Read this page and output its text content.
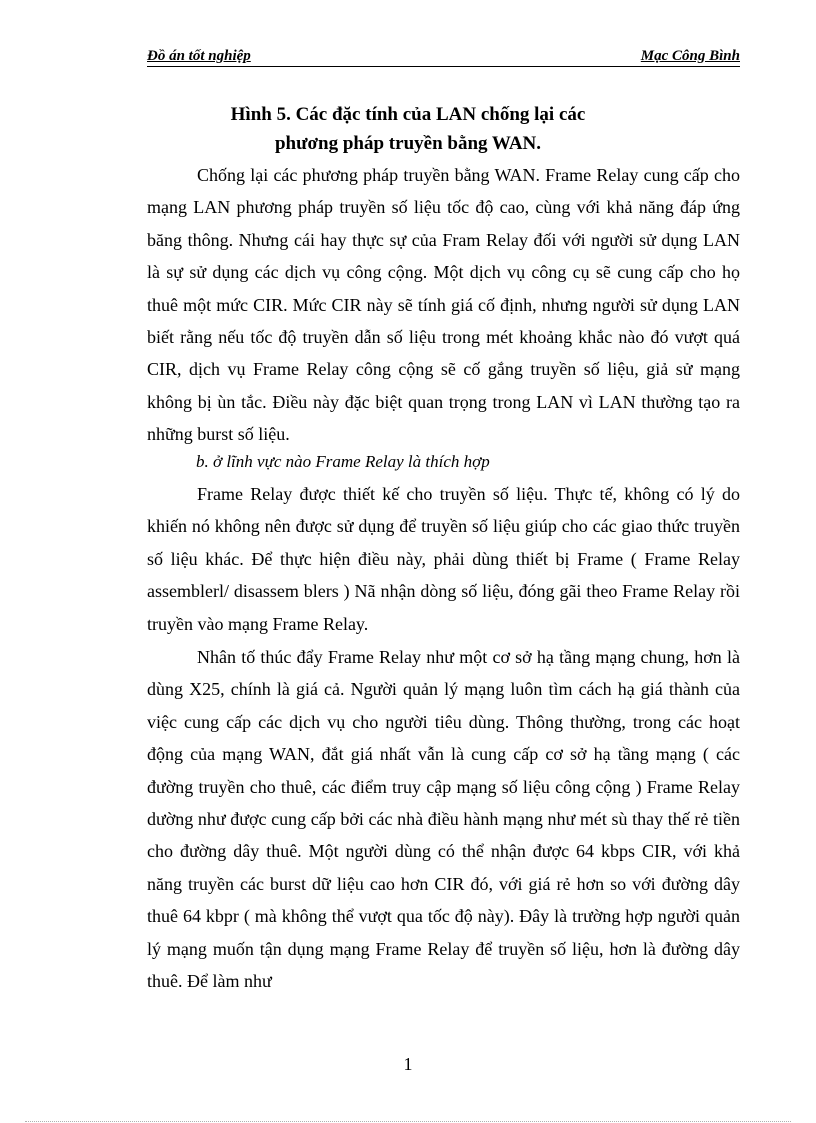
Đồ án tốt nghiệp	Mạc Công Bình
Hình 5. Các đặc tính của LAN chống lại các
phương pháp truyền bằng WAN.

Chống lại các phương pháp truyền bằng WAN. Frame Relay cung cấp cho mạng LAN phương pháp truyền số liệu tốc độ cao, cùng với khả năng đáp ứng băng thông. Nhưng cái hay thực sự của Fram Relay đối với người sử dụng LAN là sự sử dụng các dịch vụ công cộng. Một dịch vụ công cụ sẽ cung cấp cho họ thuê một mức CIR. Mức CIR này sẽ tính giá cố định, nhưng người sử dụng LAN biết rằng nếu tốc độ truyền dẫn số liệu trong mét khoảng khắc nào đó vượt quá CIR, dịch vụ Frame Relay công cộng sẽ cố gắng truyền số liệu, giả sử mạng không bị ùn tắc. Điều này đặc biệt quan trọng trong LAN vì LAN thường tạo ra những burst số liệu.

b. ở lĩnh vực nào Frame Relay là thích hợp

Frame Relay được thiết kế cho truyền số liệu. Thực tế, không có lý do khiến nó không nên được sử dụng để truyền số liệu giúp cho các giao thức truyền số liệu khác. Để thực hiện điều này, phải dùng thiết bị Frame ( Frame Relay assemblerl/ disassem blers ) Nã nhận dòng số liệu, đóng gãi theo Frame Relay rồi truyền vào mạng Frame Relay.

Nhân tố thúc đẩy Frame Relay như một cơ sở hạ tầng mạng chung, hơn là dùng X25, chính là giá cả. Người quản lý mạng luôn tìm cách hạ giá thành của việc cung cấp các dịch vụ cho người tiêu dùng. Thông thường, trong các hoạt động của mạng WAN, đắt giá nhất vẫn là cung cấp cơ sở hạ tầng mạng ( các đường truyền cho thuê, các điểm truy cập mạng số liệu công cộng ) Frame Relay dường như được cung cấp bởi các nhà điều hành mạng như mét sù thay thế rẻ tiền cho đường dây thuê. Một người dùng có thể nhận được 64 kbps CIR, với khả năng truyền các burst dữ liệu cao hơn CIR đó, với giá rẻ hơn so với đường dây thuê 64 kbpr ( mà không thể vượt qua tốc độ này). Đây là trường hợp người quản lý mạng muốn tận dụng mạng Frame Relay để truyền số liệu, hơn là đường dây thuê. Để làm như

1
